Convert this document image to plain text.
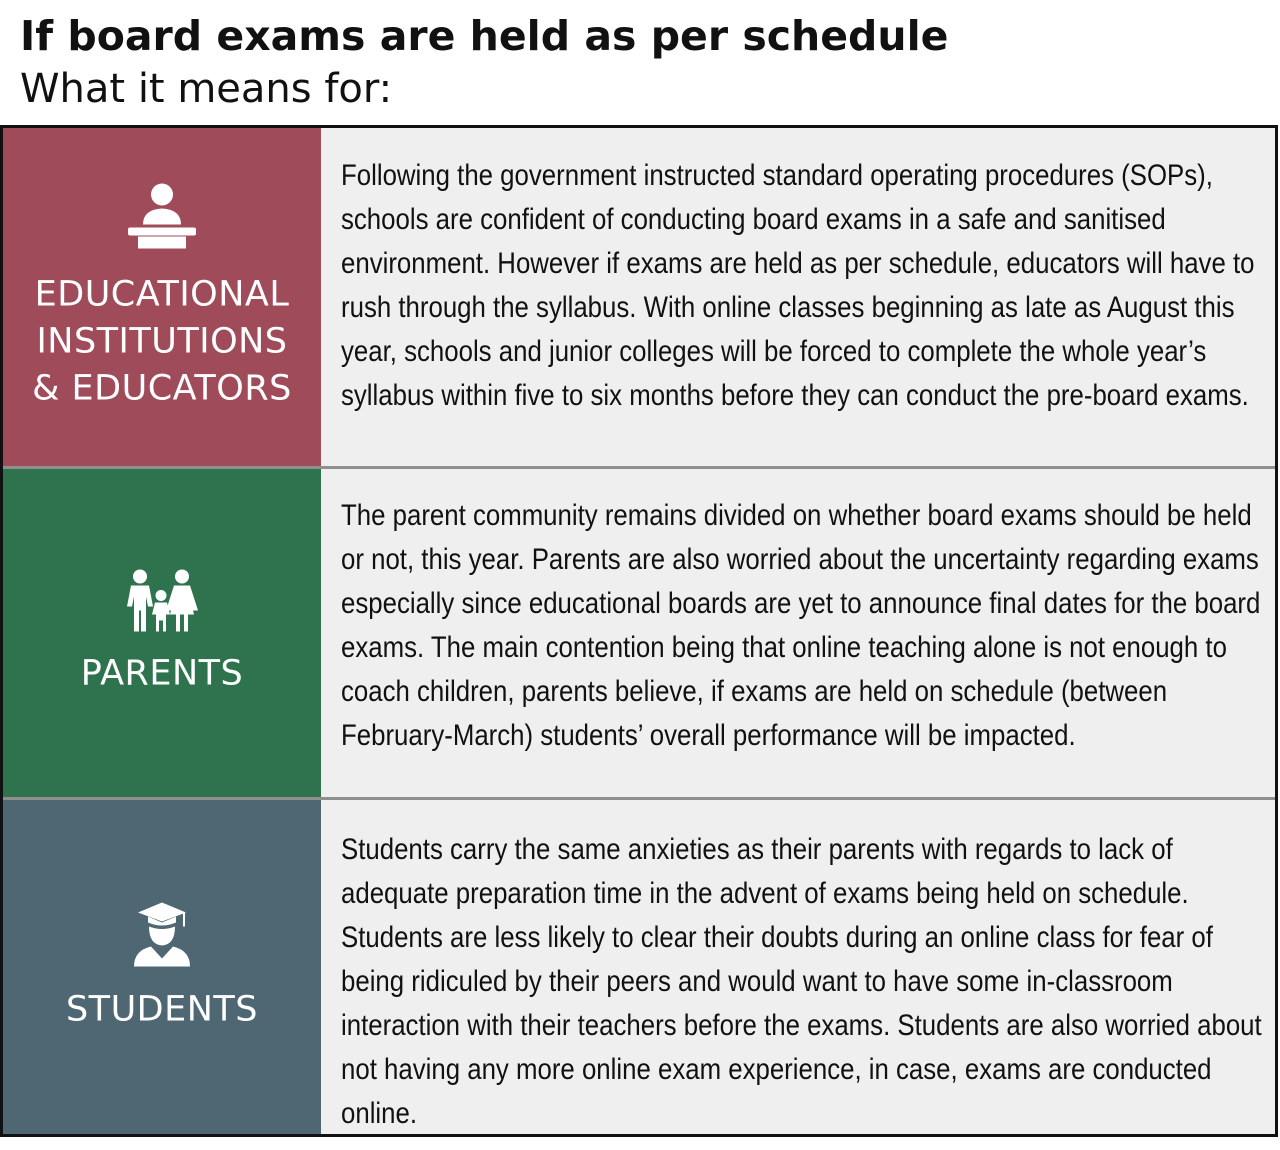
If board exams are held as per schedule
What it means for:
EDUCATIONAL
INSTITUTIONS
& EDUCATORS
Following the government instructed standard operating procedures (SOPs), schools are confident of conducting board exams in a safe and sanitised environment. However if exams are held as per schedule, educators will have to rush through the syllabus. With online classes beginning as late as August this year, schools and junior colleges will be forced to complete the whole year’s syllabus within five to six months before they can conduct the pre-board exams.
PARENTS
The parent community remains divided on whether board exams should be held or not, this year. Parents are also worried about the uncertainty regarding exams especially since educational boards are yet to announce final dates for the board exams. The main contention being that online teaching alone is not enough to coach children, parents believe, if exams are held on schedule (between February-March) students’ overall performance will be impacted.
STUDENTS
Students carry the same anxieties as their parents with regards to lack of adequate preparation time in the advent of exams being held on schedule. Students are less likely to clear their doubts during an online class for fear of being ridiculed by their peers and would want to have some in-classroom interaction with their teachers before the exams. Students are also worried about not having any more online exam experience, in case, exams are conducted online.
